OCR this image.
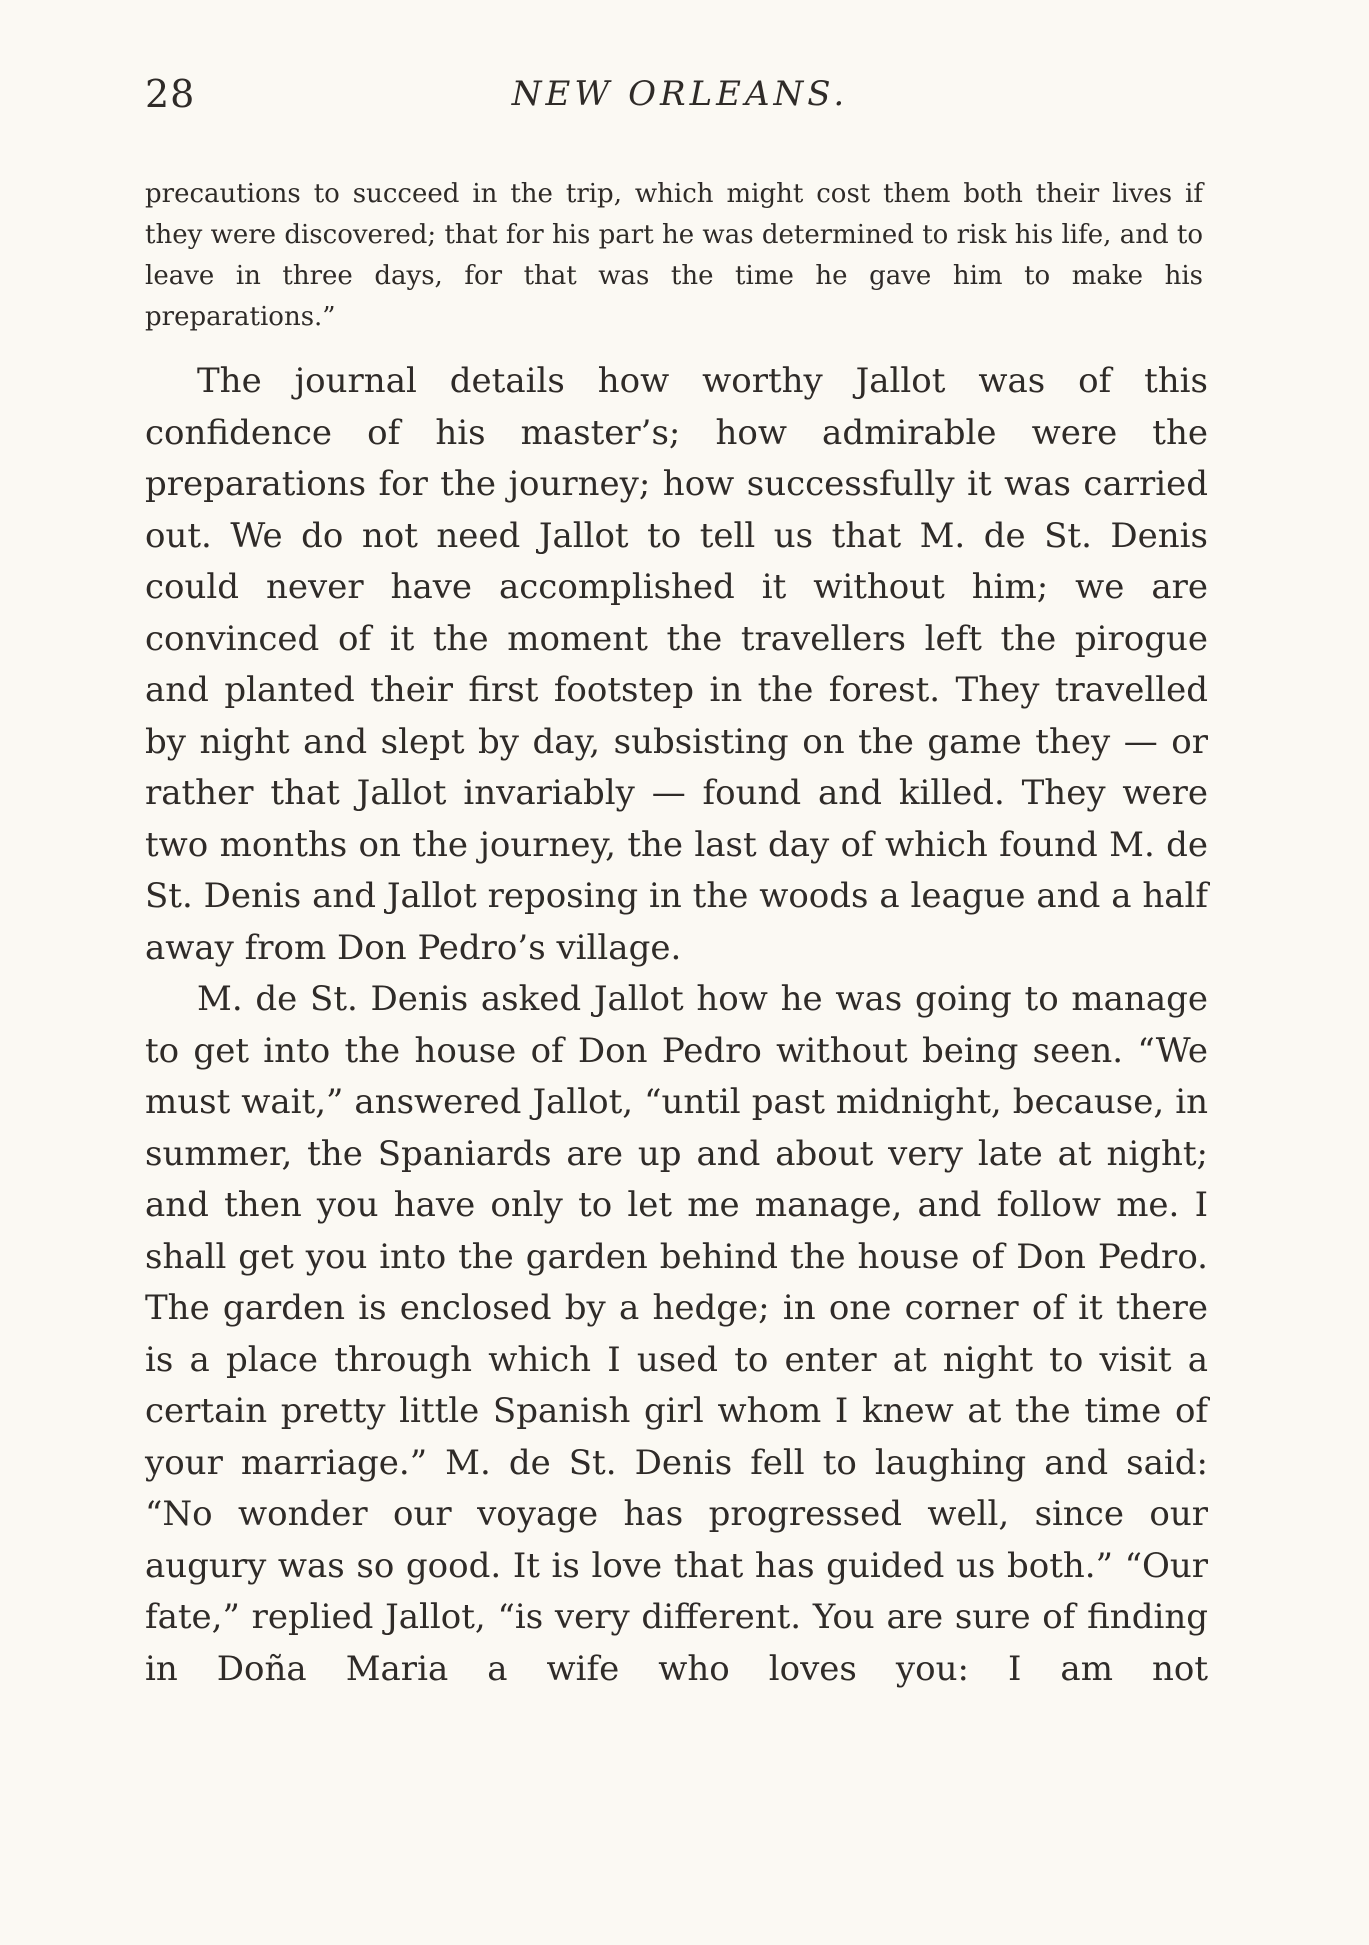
28	NEW ORLEANS.

precautions to succeed in the trip, which might cost them both their lives if they were discovered; that for his part he was determined to risk his life, and to leave in three days, for that was the time he gave him to make his preparations.”

The journal details how worthy Jallot was of this confidence of his master’s; how admirable were the preparations for the journey; how successfully it was carried out. We do not need Jallot to tell us that M. de St. Denis could never have accomplished it without him; we are convinced of it the moment the travellers left the pirogue and planted their first footstep in the forest. They travelled by night and slept by day, subsisting on the game they — or rather that Jallot invariably — found and killed. They were two months on the journey, the last day of which found M. de St. Denis and Jallot reposing in the woods a league and a half away from Don Pedro’s village.

M. de St. Denis asked Jallot how he was going to manage to get into the house of Don Pedro without being seen. “We must wait,” answered Jallot, “until past midnight, because, in summer, the Spaniards are up and about very late at night; and then you have only to let me manage, and follow me. I shall get you into the garden behind the house of Don Pedro. The garden is enclosed by a hedge; in one corner of it there is a place through which I used to enter at night to visit a certain pretty little Spanish girl whom I knew at the time of your marriage.” M. de St. Denis fell to laughing and said: “No wonder our voyage has progressed well, since our augury was so good. It is love that has guided us both.” “Our fate,” replied Jallot, “is very different. You are sure of finding in Doña Maria a wife who loves you: I am not
